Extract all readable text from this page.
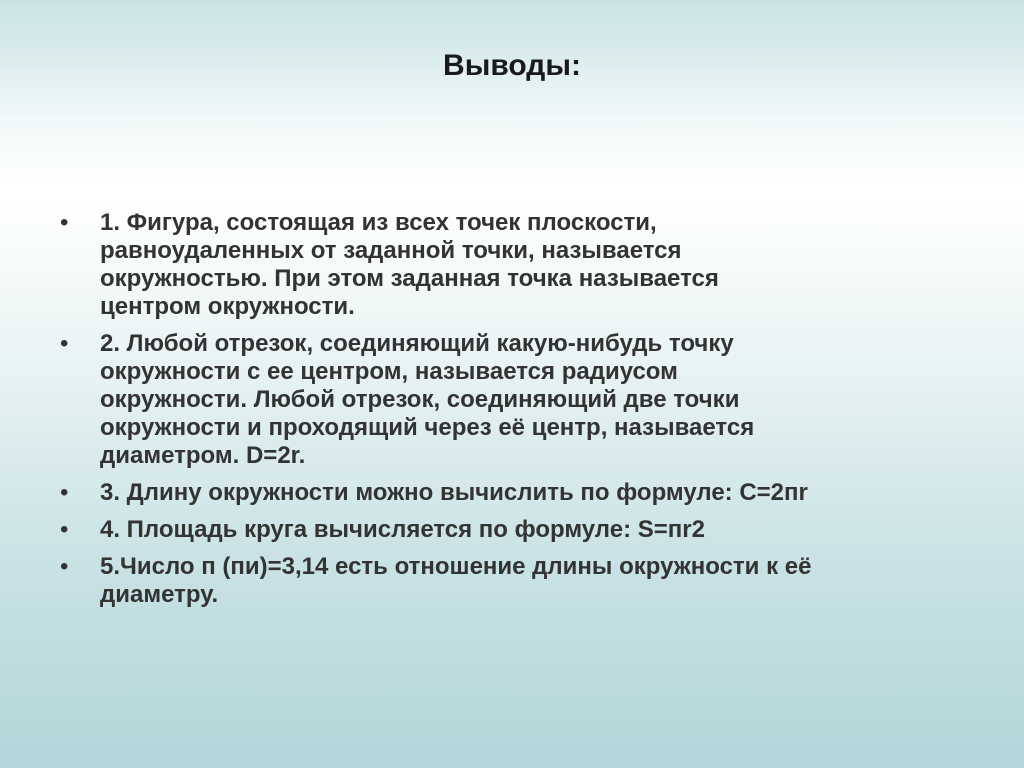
Выводы:
•	1. Фигура, состоящая из всех точек плоскости,
равноудаленных от заданной точки, называется
окружностью. При этом заданная точка называется
центром окружности.
•	2. Любой отрезок, соединяющий какую-нибудь точку
окружности с ее центром, называется радиусом
окружности. Любой отрезок, соединяющий две точки
окружности и проходящий через её центр, называется
диаметром. D=2r.
•	3. Длину окружности можно вычислить по формуле: С=2пr
•	4. Площадь круга вычисляется по формуле: S=пr2
•	5.Число п (пи)=3,14 есть отношение длины окружности к её
диаметру.
